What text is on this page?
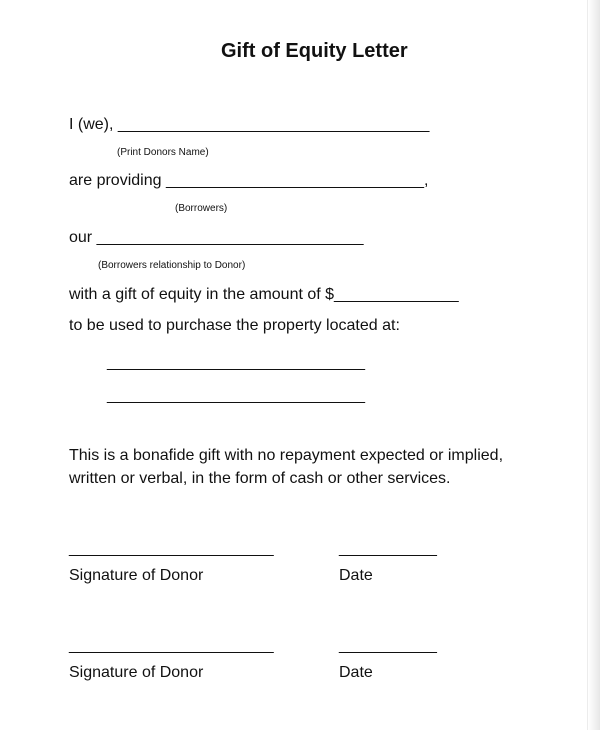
Gift of Equity Letter
I (we), ___________________________________
(Print Donors Name)
are providing _____________________________,
(Borrowers)
our ______________________________
(Borrowers relationship to Donor)
with a gift of equity in the amount of $______________
to be used to purchase the property located at:
_____________________________
_____________________________
This is a bonafide gift with no repayment expected or implied,
written or verbal, in the form of cash or other services.
_______________________	___________
Signature of Donor	Date
_______________________	___________
Signature of Donor	Date
